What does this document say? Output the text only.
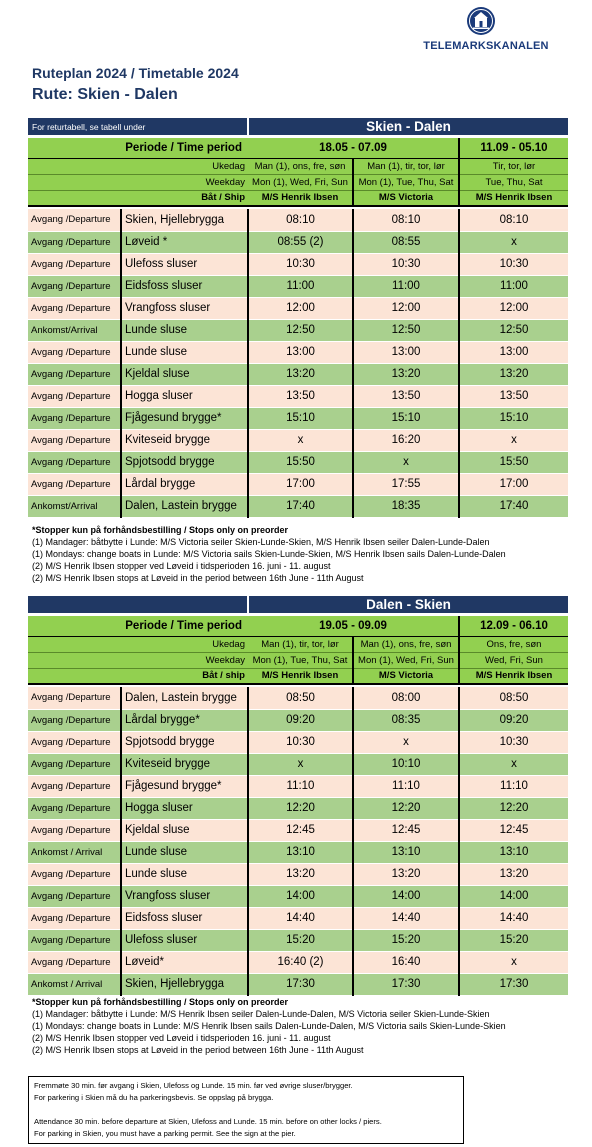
TELEMARKSKANALEN
Ruteplan 2024 / Timetable 2024
Rute: Skien - Dalen
For returtabell, se tabell under		Skien - Dalen		

Periode / Time period		18.05 - 07.09		11.09 - 05.10
Ukedag		Man (1), ons, fre, søn	Man (1), tir, tor, lør	Tir, tor, lør
Weekday		Mon (1), Wed, Fri, Sun	Mon (1), Tue, Thu, Sat	Tue, Thu, Sat
Båt / Ship		M/S Henrik Ibsen	M/S Victoria	M/S Henrik Ibsen

Avgang /Departure	Skien, Hjellebrygga	08:10	08:10	08:10
Avgang /Departure	Løveid *	08:55 (2)	08:55	x
Avgang /Departure	Ulefoss sluser	10:30	10:30	10:30
Avgang /Departure	Eidsfoss sluser	11:00	11:00	11:00
Avgang /Departure	Vrangfoss sluser	12:00	12:00	12:00
Ankomst/Arrival	Lunde sluse	12:50	12:50	12:50
Avgang /Departure	Lunde sluse	13:00	13:00	13:00
Avgang /Departure	Kjeldal sluse	13:20	13:20	13:20
Avgang /Departure	Hogga sluser	13:50	13:50	13:50
Avgang /Departure	Fjågesund brygge*	15:10	15:10	15:10
Avgang /Departure	Kviteseid brygge	x	16:20	x
Avgang /Departure	Spjotsodd brygge	15:50	x	15:50
Avgang /Departure	Lårdal brygge	17:00	17:55	17:00
Ankomst/Arrival	Dalen, Lastein brygge	17:40	18:35	17:40
*Stopper kun på forhåndsbestilling / Stops only on preorder
(1) Mandager: båtbytte i Lunde: M/S Victoria seiler Skien-Lunde-Skien, M/S Henrik Ibsen seiler Dalen-Lunde-Dalen
(1) Mondays: change boats in Lunde: M/S Victoria sails Skien-Lunde-Skien, M/S Henrik Ibsen sails Dalen-Lunde-Dalen
(2) M/S Henrik Ibsen stopper ved Løveid i tidsperioden 16. juni - 11. august
(2) M/S Henrik Ibsen stops at Løveid in the period between 16th June - 11th August
		Dalen - Skien		

Periode / Time period		19.05 - 09.09		12.09 - 06.10
Ukedag		Man (1), tir, tor, lør	Man (1), ons, fre, søn	Ons, fre, søn
Weekday		Mon (1), Tue, Thu, Sat	Mon (1), Wed, Fri, Sun	Wed, Fri, Sun
Båt / ship		M/S Henrik Ibsen	M/S Victoria	M/S Henrik Ibsen

Avgang /Departure	Dalen, Lastein brygge	08:50	08:00	08:50
Avgang /Departure	Lårdal brygge*	09:20	08:35	09:20
Avgang /Departure	Spjotsodd brygge	10:30	x	10:30
Avgang /Departure	Kviteseid brygge	x	10:10	x
Avgang /Departure	Fjågesund brygge*	11:10	11:10	11:10
Avgang /Departure	Hogga sluser	12:20	12:20	12:20
Avgang /Departure	Kjeldal sluse	12:45	12:45	12:45
Ankomst / Arrival	Lunde sluse	13:10	13:10	13:10
Avgang /Departure	Lunde sluse	13:20	13:20	13:20
Avgang /Departure	Vrangfoss sluser	14:00	14:00	14:00
Avgang /Departure	Eidsfoss sluser	14:40	14:40	14:40
Avgang /Departure	Ulefoss sluser	15:20	15:20	15:20
Avgang /Departure	Løveid*	16:40 (2)	16:40	x
Ankomst / Arrival	Skien, Hjellebrygga	17:30	17:30	17:30
*Stopper kun på forhåndsbestilling / Stops only on preorder
(1) Mandager: båtbytte i Lunde: M/S Henrik Ibsen seiler Dalen-Lunde-Dalen, M/S Victoria seiler Skien-Lunde-Skien
(1) Mondays: change boats in Lunde: M/S Henrik Ibsen sails Dalen-Lunde-Dalen, M/S Victoria sails Skien-Lunde-Skien
(2) M/S Henrik Ibsen stopper ved Løveid i tidsperioden 16. juni - 11. august
(2) M/S Henrik Ibsen stops at Løveid in the period between 16th June - 11th August
Fremmøte 30 min. før avgang i Skien, Ulefoss og Lunde. 15 min. før ved øvrige sluser/brygger.
For parkering i Skien må du ha parkeringsbevis. Se oppslag på brygga.
Attendance 30 min. before departure at Skien, Ulefoss and Lunde. 15 min. before on other locks / piers.
For parking in Skien, you must have a parking permit. See the sign at the pier.
